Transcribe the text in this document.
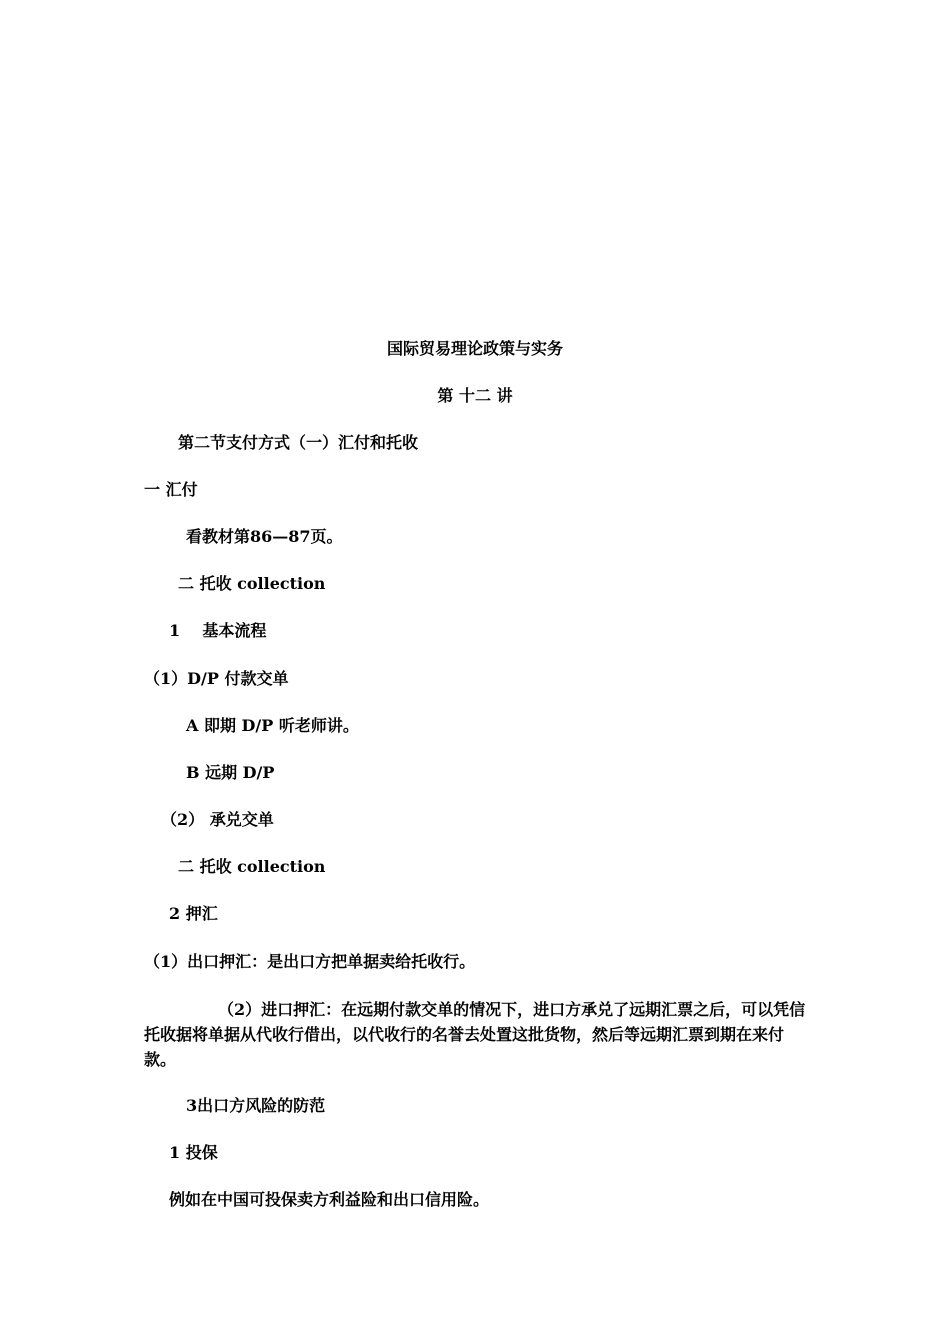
国际贸易理论政策与实务
第 十二 讲
第二节支付方式（一）汇付和托收
一 汇付
看教材第86—87页。
二 托收 collection
1    基本流程
（1）D/P 付款交单
A 即期 D/P 听老师讲。
B 远期 D/P
（2） 承兑交单
二 托收 collection
2 押汇
（1）出口押汇：是出口方把单据卖给托收行。
（2）进口押汇：在远期付款交单的情况下，进口方承兑了远期汇票之后，可以凭信托收据将单据从代收行借出，以代收行的名誉去处置这批货物，然后等远期汇票到期在来付款。
3出口方风险的防范
1 投保
例如在中国可投保卖方利益险和出口信用险。
